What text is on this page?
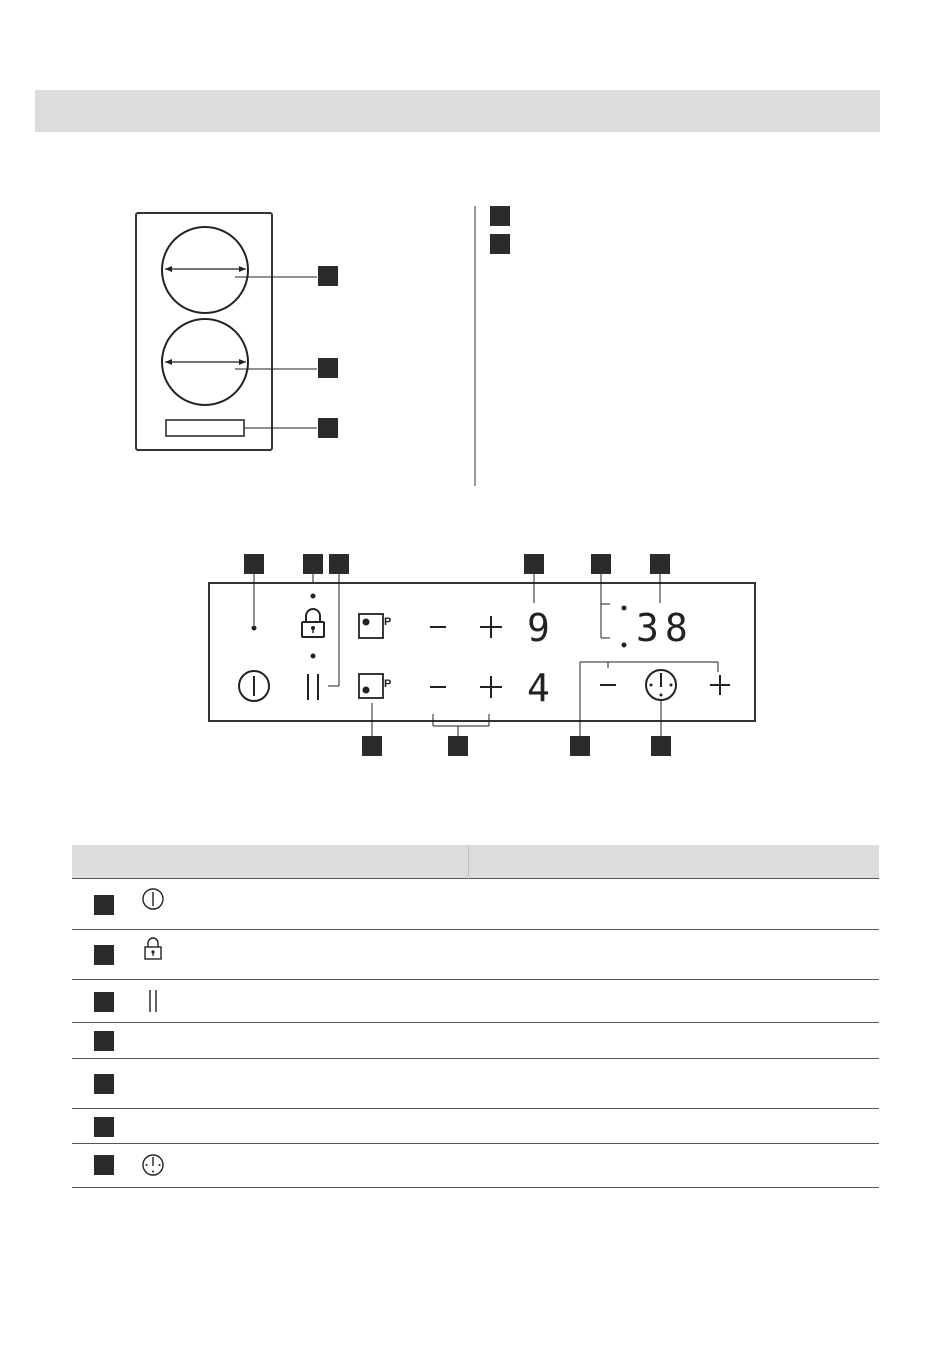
9
4
38
P
P
